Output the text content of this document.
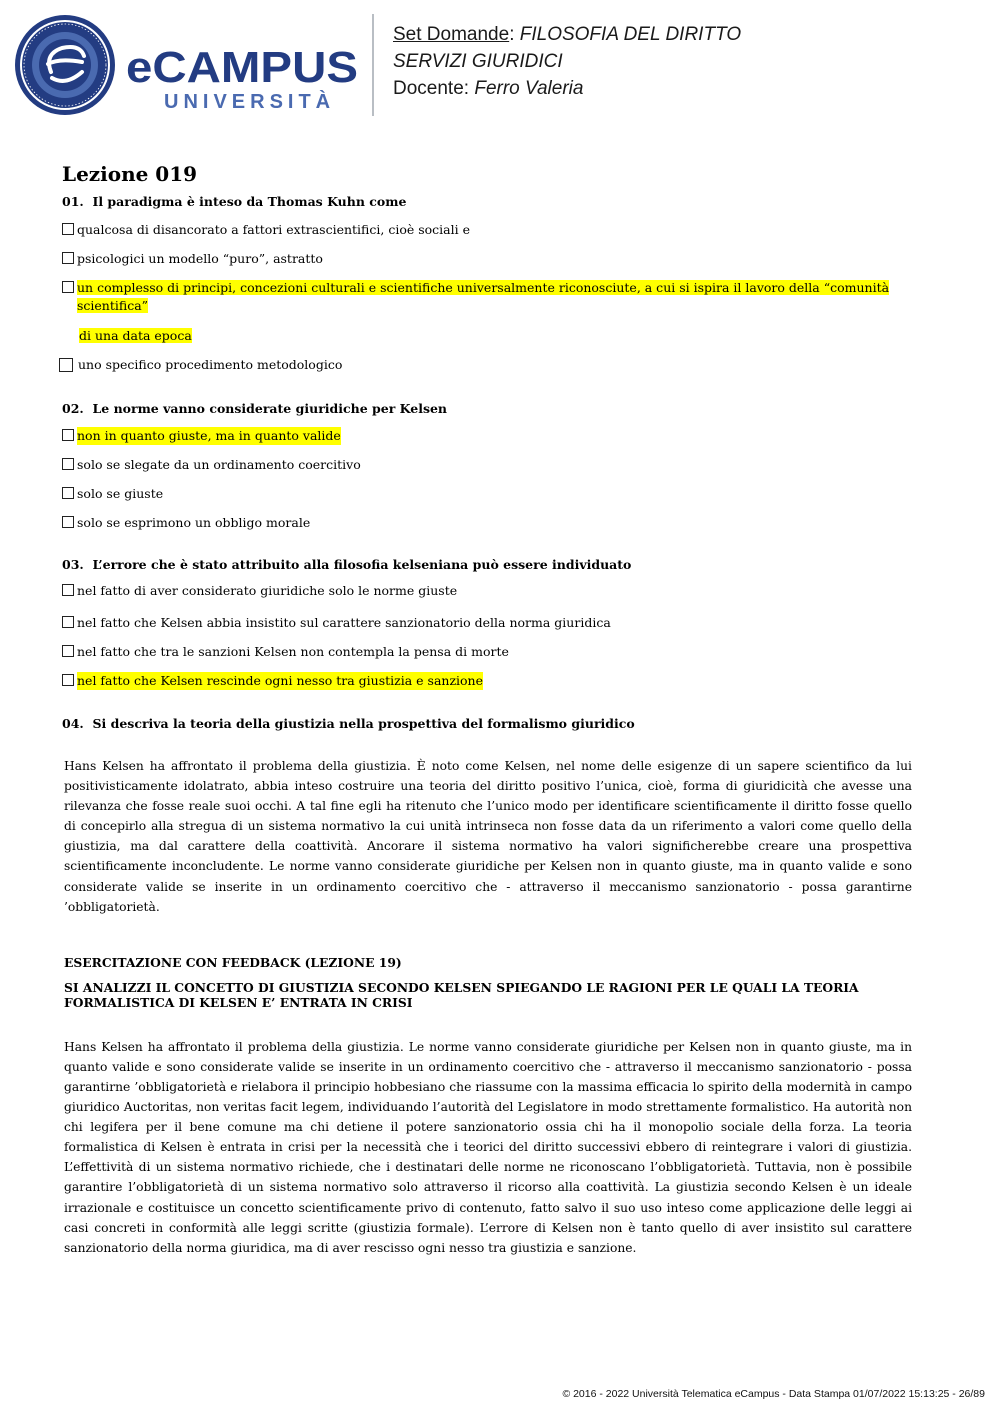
eCAMPUS
UNIVERSITÀ
Set Domande: FILOSOFIA DEL DIRITTO
SERVIZI GIURIDICI
Docente: Ferro Valeria
Lezione 019

01. Il paradigma è inteso da Thomas Kuhn come

qualcosa di disancorato a fattori extrascientifici, cioè sociali e
psicologici un modello “puro”, astratto
un complesso di principi, concezioni culturali e scientifiche universalmente riconosciute, a cui si ispira il lavoro della “comunità scientifica”
di una data epoca
uno specifico procedimento metodologico

02. Le norme vanno considerate giuridiche per Kelsen

non in quanto giuste, ma in quanto valide
solo se slegate da un ordinamento coercitivo
solo se giuste
solo se esprimono un obbligo morale

03. L’errore che è stato attribuito alla filosofia kelseniana può essere individuato

nel fatto di aver considerato giuridiche solo le norme giuste
nel fatto che Kelsen abbia insistito sul carattere sanzionatorio della norma giuridica
nel fatto che tra le sanzioni Kelsen non contempla la pensa di morte
nel fatto che Kelsen rescinde ogni nesso tra giustizia e sanzione

04. Si descriva la teoria della giustizia nella prospettiva del formalismo giuridico

Hans Kelsen ha affrontato il problema della giustizia. È noto come Kelsen, nel nome delle esigenze di un sapere scientifico da lui positivisticamente idolatrato, abbia inteso costruire una teoria del diritto positivo l’unica, cioè, forma di giuridicità che avesse una rilevanza che fosse reale suoi occhi. A tal fine egli ha ritenuto che l’unico modo per identificare scientificamente il diritto fosse quello di concepirlo alla stregua di un sistema normativo la cui unità intrinseca non fosse data da un riferimento a valori come quello della giustizia, ma dal carattere della coattività. Ancorare il sistema normativo ha valori significherebbe creare una prospettiva scientificamente inconcludente. Le norme vanno considerate giuridiche per Kelsen non in quanto giuste, ma in quanto valide e sono considerate valide se inserite in un ordinamento coercitivo che - attraverso il meccanismo sanzionatorio - possa garantirne ’obbligatorietà.

ESERCITAZIONE CON FEEDBACK (LEZIONE 19)

SI ANALIZZI IL CONCETTO DI GIUSTIZIA SECONDO KELSEN SPIEGANDO LE RAGIONI PER LE QUALI LA TEORIA FORMALISTICA DI KELSEN E’ ENTRATA IN CRISI

Hans Kelsen ha affrontato il problema della giustizia. Le norme vanno considerate giuridiche per Kelsen non in quanto giuste, ma in quanto valide e sono considerate valide se inserite in un ordinamento coercitivo che - attraverso il meccanismo sanzionatorio - possa garantirne ’obbligatorietà e rielabora il principio hobbesiano che riassume con la massima efficacia lo spirito della modernità in campo giuridico Auctoritas, non veritas facit legem, individuando l’autorità del Legislatore in modo strettamente formalistico. Ha autorità non chi legifera per il bene comune ma chi detiene il potere sanzionatorio ossia chi ha il monopolio sociale della forza. La teoria formalistica di Kelsen è entrata in crisi per la necessità che i teorici del diritto successivi ebbero di reintegrare i valori di giustizia. L’effettività di un sistema normativo richiede, che i destinatari delle norme ne riconoscano l’obbligatorietà. Tuttavia, non è possibile garantire l’obbligatorietà di un sistema normativo solo attraverso il ricorso alla coattività. La giustizia secondo Kelsen è un ideale irrazionale e costituisce un concetto scientificamente privo di contenuto, fatto salvo il suo uso inteso come applicazione delle leggi ai casi concreti in conformità alle leggi scritte (giustizia formale). L’errore di Kelsen non è tanto quello di aver insistito sul carattere sanzionatorio della norma giuridica, ma di aver rescisso ogni nesso tra giustizia e sanzione.

© 2016 - 2022 Università Telematica eCampus - Data Stampa 01/07/2022 15:13:25 - 26/89
